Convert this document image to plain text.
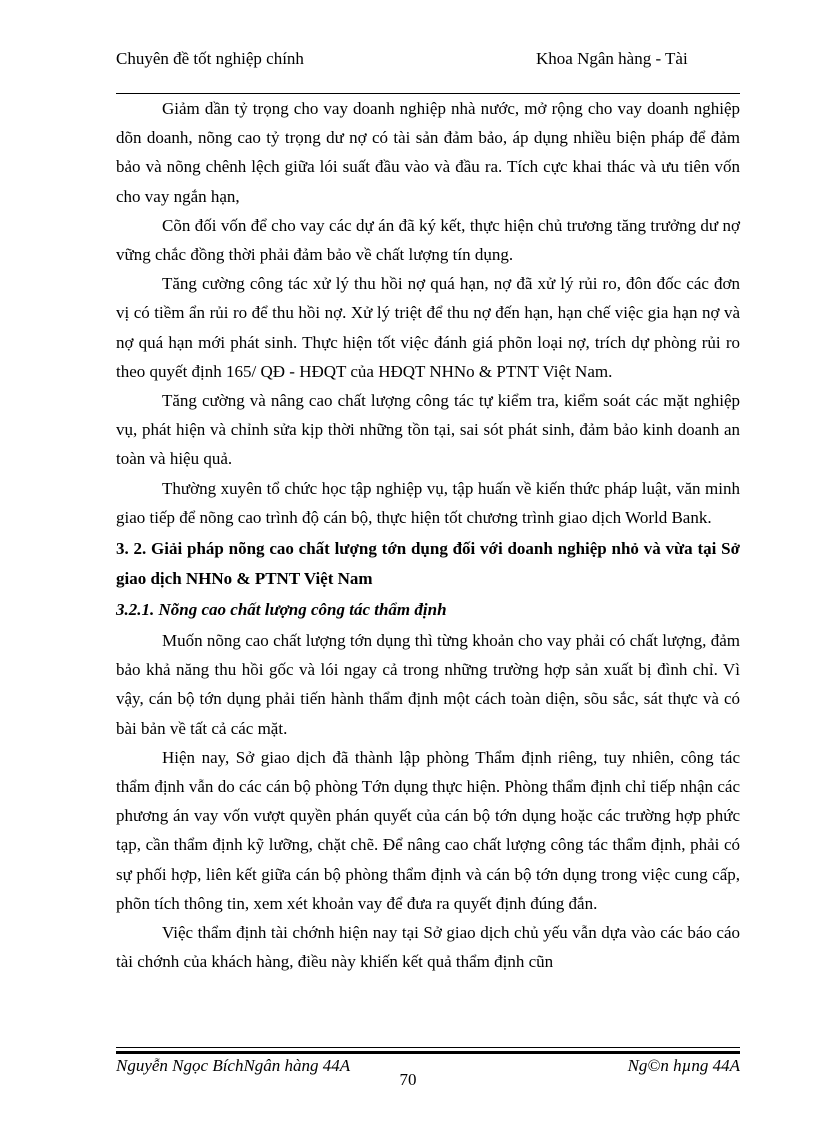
Chuyên đề tốt nghiệp chính	Khoa Ngân hàng - Tài

Giảm dần tỷ trọng cho vay doanh nghiệp nhà nước, mở rộng cho vay doanh nghiệp dõn doanh, nõng cao tỷ trọng dư nợ có tài sản đảm bảo, áp dụng nhiều biện pháp để đảm bảo và nõng chênh lệch giữa lói suất đầu vào và đầu ra. Tích cực khai thác và ưu tiên vốn cho vay ngắn hạn,

Cõn đối vốn để cho vay các dự án đã ký kết, thực hiện chủ trương tăng trưởng dư nợ vững chắc đồng thời phải đảm bảo về chất lượng tín dụng.

Tăng cường công tác xử lý thu hồi nợ quá hạn, nợ đã xử lý rủi ro, đôn đốc các đơn vị có tiềm ẩn rủi ro để thu hồi nợ. Xử lý triệt để thu nợ đến hạn, hạn chế việc gia hạn nợ và nợ quá hạn mới phát sinh. Thực hiện tốt việc đánh giá phõn loại nợ, trích dự phòng rủi ro theo quyết định 165/ QĐ - HĐQT của HĐQT NHNo & PTNT Việt Nam.

Tăng cường và nâng cao chất lượng công tác tự kiểm tra, kiểm soát các mặt nghiệp vụ, phát hiện và chỉnh sửa kịp thời những tồn tại, sai sót phát sinh, đảm bảo kinh doanh an toàn và hiệu quả.

Thường xuyên tổ chức học tập nghiệp vụ, tập huấn về kiến thức pháp luật, văn minh giao tiếp để nõng cao trình độ cán bộ, thực hiện tốt chương trình giao dịch World Bank.

3. 2. Giải pháp nõng cao chất lượng tớn dụng đối với doanh nghiệp nhỏ và vừa tại Sở giao dịch NHNo & PTNT Việt Nam

3.2.1. Nõng cao chất lượng công tác thẩm định

Muốn nõng cao chất lượng tớn dụng thì từng khoản cho vay phải có chất lượng, đảm bảo khả năng thu hồi gốc và lói ngay cả trong những trường hợp sản xuất bị đình chỉ. Vì vậy, cán bộ tớn dụng phải tiến hành thẩm định một cách toàn diện, sõu sắc, sát thực và có bài bản về tất cả các mặt.

Hiện nay, Sở giao dịch đã thành lập phòng Thẩm định riêng, tuy nhiên, công tác thẩm định vẫn do các cán bộ phòng Tớn dụng thực hiện. Phòng thẩm định chỉ tiếp nhận các phương án vay vốn vượt quyền phán quyết của cán bộ tớn dụng hoặc các trường hợp phức tạp, cần thẩm định kỹ lưỡng, chặt chẽ. Để nâng cao chất lượng công tác thẩm định, phải có sự phối hợp, liên kết giữa cán bộ phòng thẩm định và cán bộ tớn dụng trong việc cung cấp, phõn tích thông tin, xem xét khoản vay để đưa ra quyết định đúng đắn.

Việc thẩm định tài chớnh hiện nay tại Sở giao dịch chủ yếu vẫn dựa vào các báo cáo tài chớnh của khách hàng, điều này khiến kết quả thẩm định cũn

Nguyễn Ngọc BíchNgân hàng 44A	Ng©n hµng 44A
70
